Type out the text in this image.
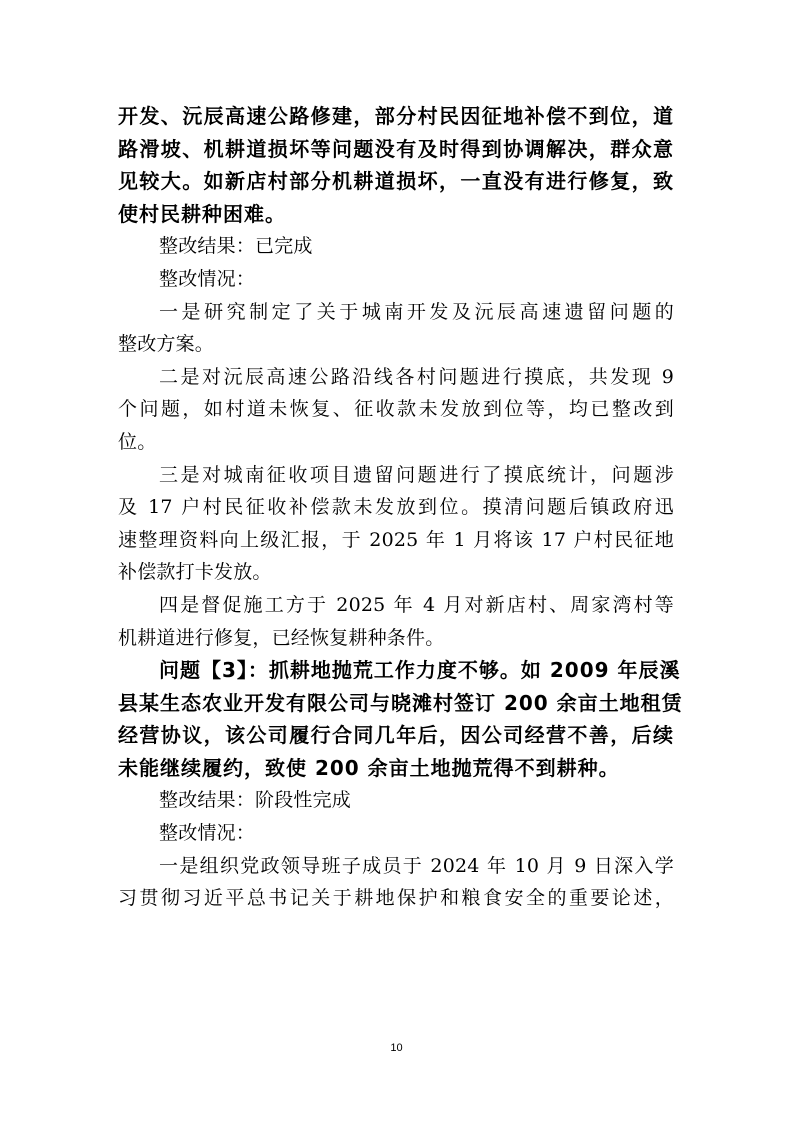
开发、沅辰高速公路修建，部分村民因征地补偿不到位，道
路滑坡、机耕道损坏等问题没有及时得到协调解决，群众意
见较大。如新店村部分机耕道损坏，一直没有进行修复，致
使村民耕种困难。
整改结果：已完成
整改情况：
一是研究制定了关于城南开发及沅辰高速遗留问题的
整改方案。
二是对沅辰高速公路沿线各村问题进行摸底，共发现 9
个问题，如村道未恢复、征收款未发放到位等，均已整改到
位。
三是对城南征收项目遗留问题进行了摸底统计，问题涉
及 17 户村民征收补偿款未发放到位。摸清问题后镇政府迅
速整理资料向上级汇报，于 2025 年 1 月将该 17 户村民征地
补偿款打卡发放。
四是督促施工方于 2025 年 4 月对新店村、周家湾村等
机耕道进行修复，已经恢复耕种条件。
问题【3】：抓耕地抛荒工作力度不够。如 2009 年辰溪
县某生态农业开发有限公司与晓滩村签订 200 余亩土地租赁
经营协议，该公司履行合同几年后，因公司经营不善，后续
未能继续履约，致使 200 余亩土地抛荒得不到耕种。
整改结果：阶段性完成
整改情况：
一是组织党政领导班子成员于 2024 年 10 月 9 日深入学
习贯彻习近平总书记关于耕地保护和粮食安全的重要论述，
10
